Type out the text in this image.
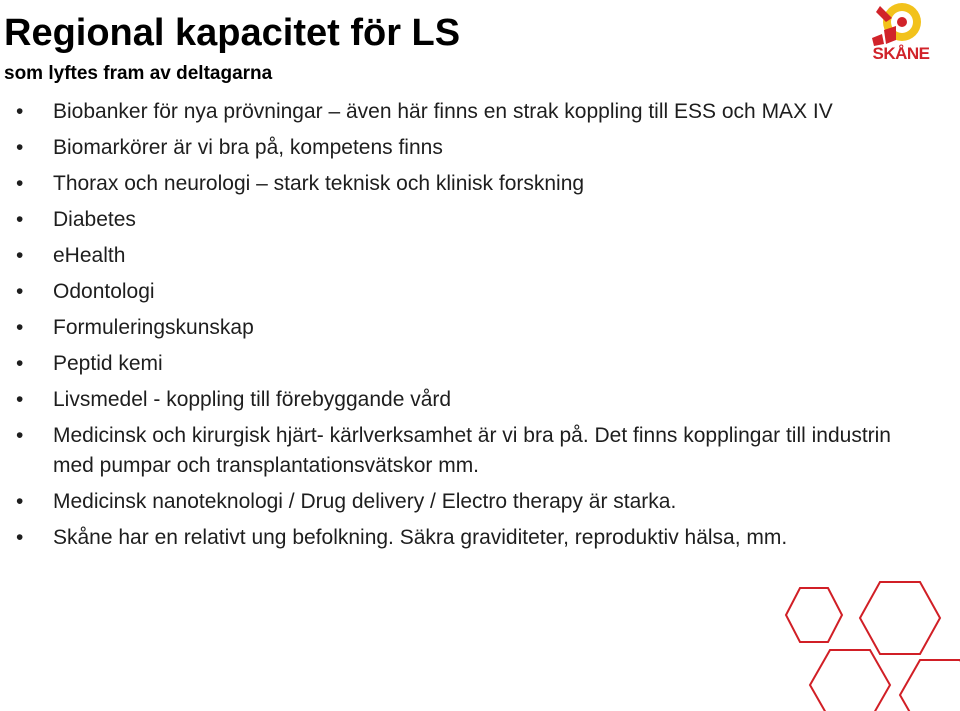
Regional kapacitet för LS
som lyftes fram av deltagarna
SKÅNE
• Biobanker för nya prövningar – även här finns en strak koppling till ESS och MAX IV
• Biomarkörer är vi bra på, kompetens finns
• Thorax och neurologi – stark teknisk och klinisk forskning
• Diabetes
• eHealth
• Odontologi
• Formuleringskunskap
• Peptid kemi
• Livsmedel - koppling till förebyggande vård
• Medicinsk och kirurgisk hjärt- kärlverksamhet är vi bra på. Det finns kopplingar till industrin med pumpar och transplantationsvätskor mm.
• Medicinsk nanoteknologi / Drug delivery / Electro therapy är starka.
• Skåne har en relativt ung befolkning. Säkra graviditeter, reproduktiv hälsa, mm.
